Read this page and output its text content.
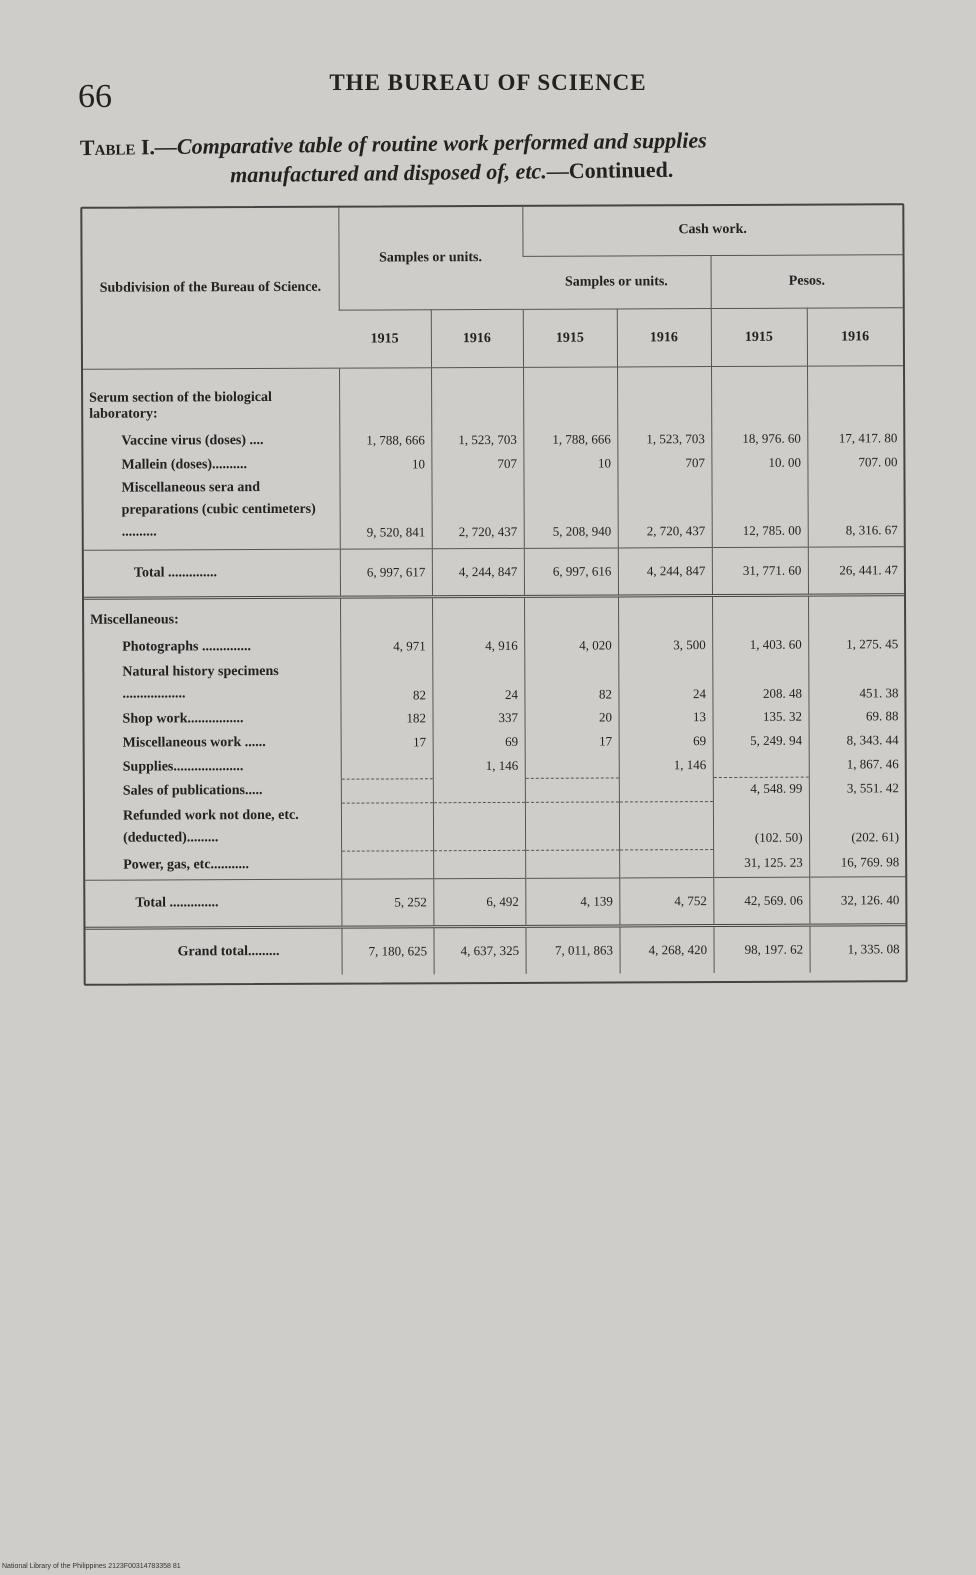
66	THE BUREAU OF SCIENCE
Table I.—Comparative table of routine work performed and supplies
manufactured and disposed of, etc.—Continued.
Subdivision of the Bureau of Science.	Samples or units.		Cash work.			
			Samples or units.		Pesos.	
	1915	1916	1915	1916	1915	1916
Serum section of the biological laboratory:						
Vaccine virus (doses) ....	1, 788, 666	1, 523, 703	1, 788, 666	1, 523, 703	18, 976. 60	17, 417. 80
Mallein (doses)..........	10	707	10	707	10. 00	707. 00
Miscellaneous sera and preparations (cubic centimeters) ..........	9, 520, 841	2, 720, 437	5, 208, 940	2, 720, 437	12, 785. 00	8, 316. 67
Total ..............	6, 997, 617	4, 244, 847	6, 997, 616	4, 244, 847	31, 771. 60	26, 441. 47
Miscellaneous:						
Photographs ..............	4, 971	4, 916	4, 020	3, 500	1, 403. 60	1, 275. 45
Natural history specimens ..................	82	24	82	24	208. 48	451. 38
Shop work................	182	337	20	13	135. 32	69. 88
Miscellaneous work ......	17	69	17	69	5, 249. 94	8, 343. 44
Supplies....................		1, 146		1, 146		1, 867. 46
Sales of publications.....					4, 548. 99	3, 551. 42
Refunded work not done, etc. (deducted).........					(102. 50)	(202. 61)
Power, gas, etc...........					31, 125. 23	16, 769. 98
Total ..............	5, 252	6, 492	4, 139	4, 752	42, 569. 06	32, 126. 40
Grand total.........	7, 180, 625	4, 637, 325	7, 011, 863	4, 268, 420	98, 197. 62	1, 335. 08
National Library of the Philippines 2123F00314783358 81
